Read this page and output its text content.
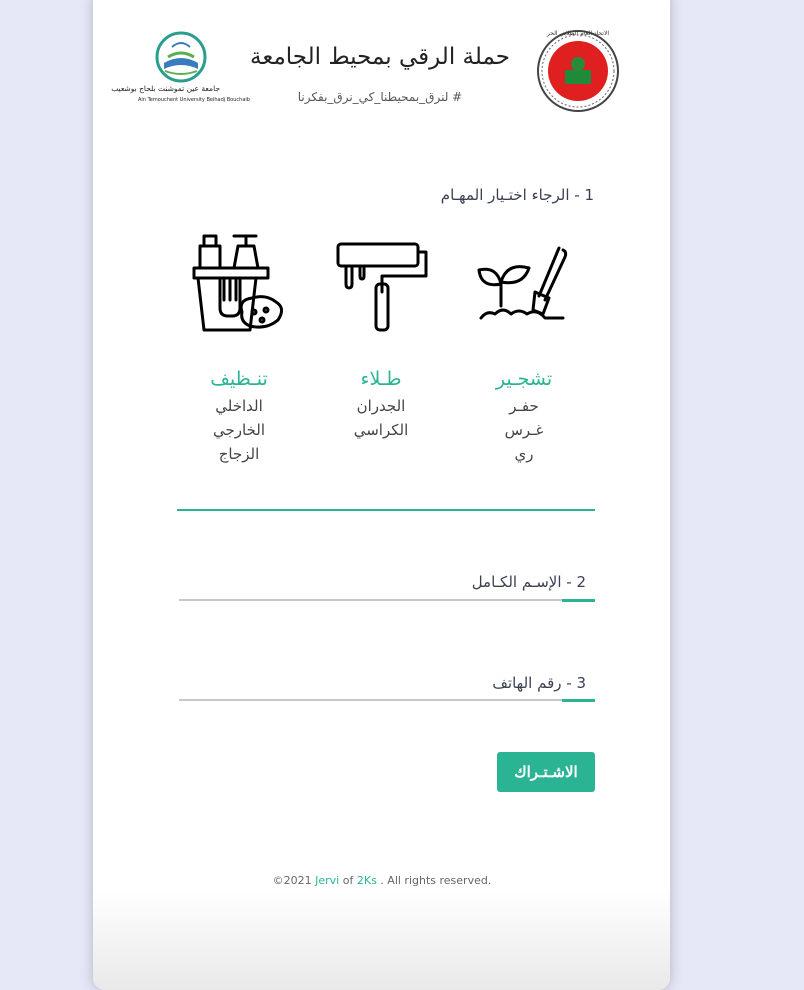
جامعة عين تموشنت بلحاج بوشعيب
Ain Temouchent University Belhadj Bouchaib
الاتحاد العام الطلابي الحر
حملة الرقي بمحيط الجامعة
# لنرق_بمحيطنا_كي_نرق_بفكرنا
1 - الرجاء اختـيار المهـام
تشجـير
حفـر
غـرس
ري
طـلاء
الجدران
الكراسي
تنـظيف
الداخلي
الخارجي
الزجاج
2 - الإسـم الكـامل
3 - رقم الهاتف
الاشـتـراك
©2021 Jervi of 2Ks . All rights reserved.
